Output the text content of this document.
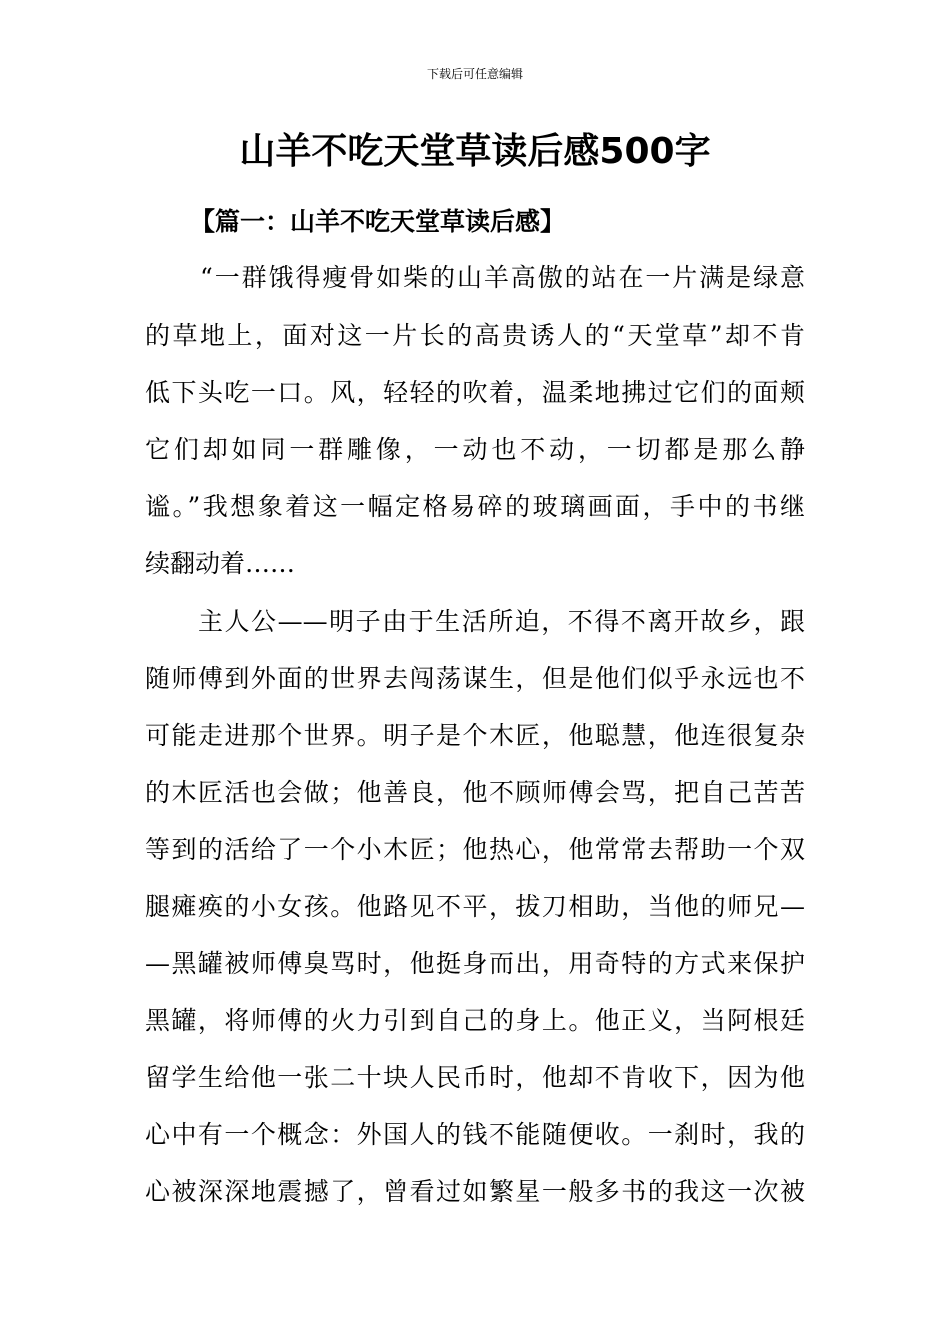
下载后可任意编辑
山羊不吃天堂草读后感500字
【篇一：山羊不吃天堂草读后感】
“一群饿得瘦骨如柴的山羊高傲的站在一片满是绿意
的草地上，面对这一片长的高贵诱人的“天堂草”却不肯
低下头吃一口。风，轻轻的吹着，温柔地拂过它们的面颊
它们却如同一群雕像，一动也不动，一切都是那么静
谧。”我想象着这一幅定格易碎的玻璃画面，手中的书继
续翻动着……
主人公——明子由于生活所迫，不得不离开故乡，跟
随师傅到外面的世界去闯荡谋生，但是他们似乎永远也不
可能走进那个世界。明子是个木匠，他聪慧，他连很复杂
的木匠活也会做；他善良，他不顾师傅会骂，把自己苦苦
等到的活给了一个小木匠；他热心，他常常去帮助一个双
腿瘫痪的小女孩。他路见不平，拔刀相助，当他的师兄—
—黑罐被师傅臭骂时，他挺身而出，用奇特的方式来保护
黑罐，将师傅的火力引到自己的身上。他正义，当阿根廷
留学生给他一张二十块人民币时，他却不肯收下，因为他
心中有一个概念：外国人的钱不能随便收。一刹时，我的
心被深深地震撼了，曾看过如繁星一般多书的我这一次被
